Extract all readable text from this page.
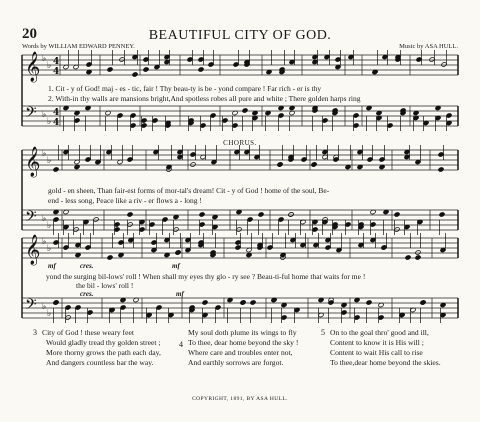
20	BEAUTIFUL CITY OF GOD.
Words by WILLIAM EDWARD PENNEY.	Music by ASA HULL.
𝄞 ♭
♭ 4
4
𝄢 ♭
♭
4
4
𝄞 ♭
♭
𝄢 ♭
♭
𝄞 ♭
♭
𝄢 ♭
♭
1. Cit - y of God! maj - es - tic, fair ! Thy beau-ty is be - yond compare ! Far rich - er is thy
2. With-in thy walls are mansions bright,And spotless robes all pure and white ; There golden harps ring
CHORUS.
gold - en sheen, Than fair-est forms of mor-tal's dream! Cit - y of God ! home of the soul, Be-
end - less song, Peace like a riv - er flows a - long !
yond the surging bil-lows' roll ! When shall my eyes thy glo - ry see ? Beau-ti-ful home that waits for me !
the bil - lows' roll !
mf	cres.	mf
cres.	mf
3 City of God ! these weary feet
Would gladly tread thy golden street ;
More thorny grows the path each day,
And dangers countless bar the way.
4
My soul doth plume its wings to fly
To thee, dear home beyond the sky !
Where care and troubles enter not,
And earthly sorrows are forgot.
5 On to the goal thro' good and ill,
Content to know it is His will ;
Content to wait His call to rise
To thee,dear home beyond the skies.
COPYRIGHT, 1891, BY ASA HULL.
